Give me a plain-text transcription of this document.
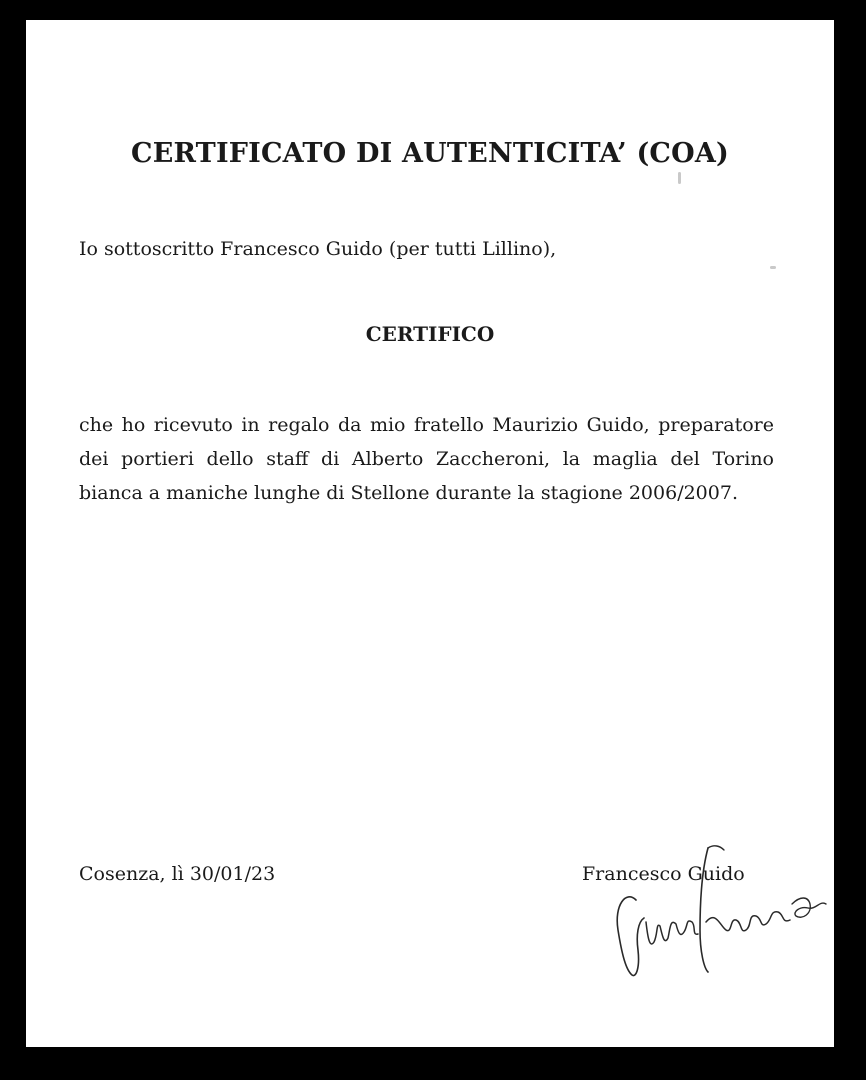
CERTIFICATO DI AUTENTICITA’ (COA)
Io sottoscritto Francesco Guido (per tutti Lillino),
CERTIFICO
che ho ricevuto in regalo da mio fratello Maurizio Guido, preparatore dei portieri dello staff di Alberto Zaccheroni, la maglia del Torino bianca a maniche lunghe di Stellone durante la stagione 2006/2007.
Cosenza, lì 30/01/23	Francesco Guido
